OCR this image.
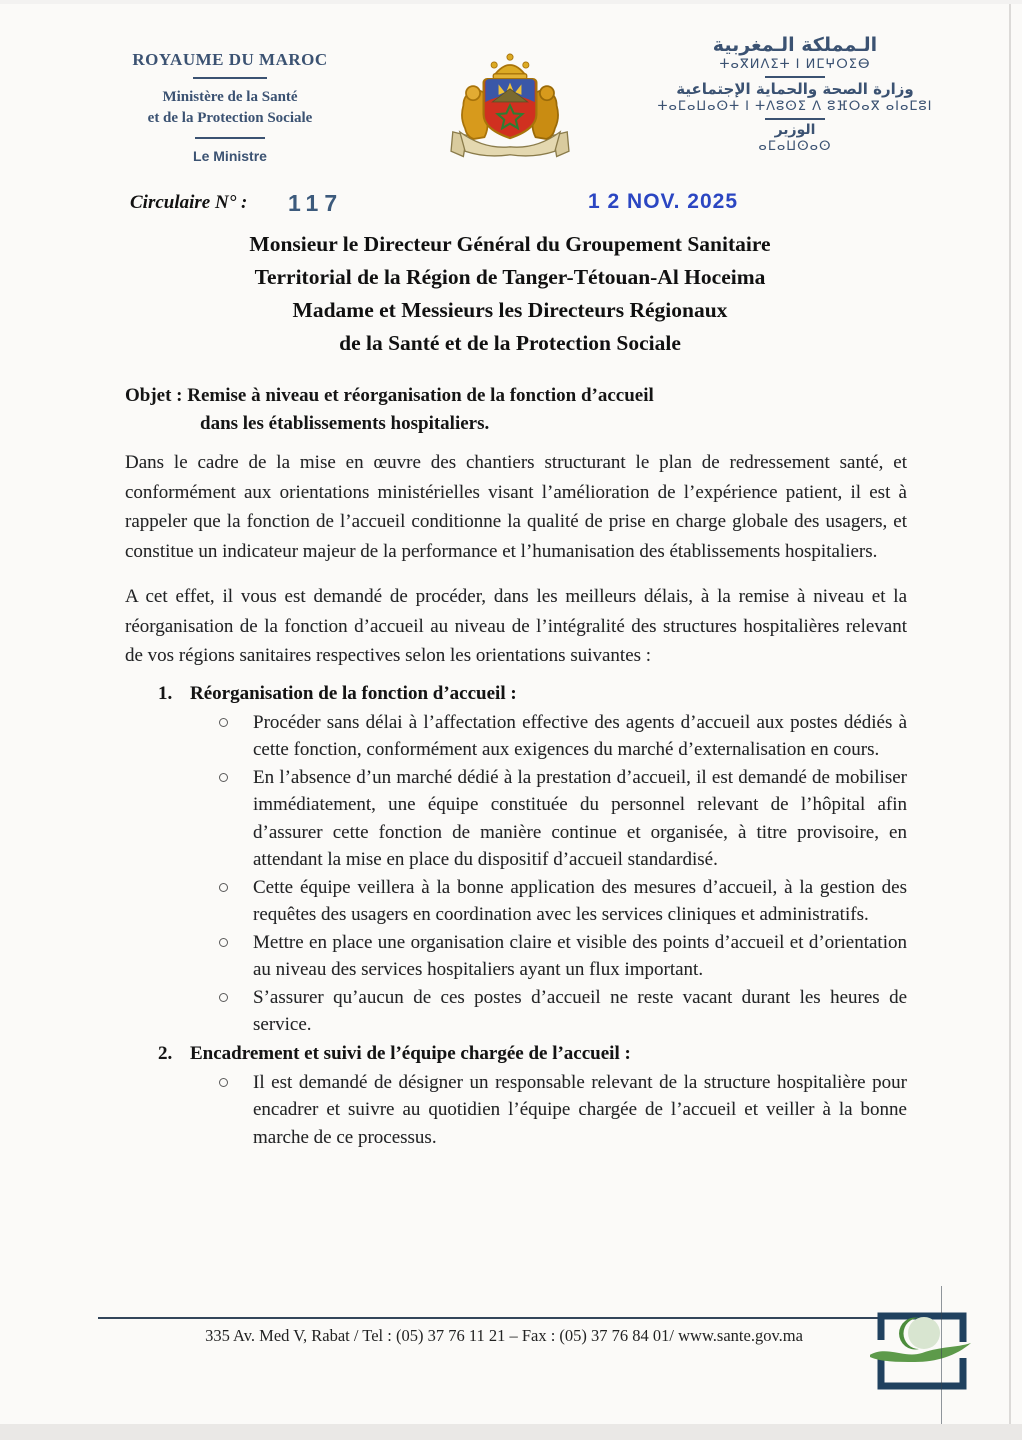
ROYAUME DU MAROC
Ministère de la Santé
et de la Protection Sociale
Le Ministre
الـمملكة الـمغربية
ⵜⴰⴳⵍⴷⵉⵜ ⵏ ⵍⵎⵖⵔⵉⴱ
وزارة الصحة والحماية الإجتماعية
ⵜⴰⵎⴰⵡⴰⵙⵜ ⵏ ⵜⴷⵓⵙⵉ ⴷ ⵓⴼⵔⴰⴳ ⴰⵏⴰⵎⵓⵏ
الوزير
ⴰⵎⴰⵡⵙⴰⵙ
Circulaire N° : 117	1 2 NOV. 2025
Monsieur le Directeur Général du Groupement Sanitaire
Territorial de la Région de Tanger-Tétouan-Al Hoceima
Madame et Messieurs les Directeurs Régionaux
de la Santé et de la Protection Sociale
Objet : Remise à niveau et réorganisation de la fonction d’accueil
dans les établissements hospitaliers.

Dans le cadre de la mise en œuvre des chantiers structurant le plan de redressement santé, et conformément aux orientations ministérielles visant l’amélioration de l’expérience patient, il est à rappeler que la fonction de l’accueil conditionne la qualité de prise en charge globale des usagers, et constitue un indicateur majeur de la performance et l’humanisation des établissements hospitaliers.

A cet effet, il vous est demandé de procéder, dans les meilleurs délais, à la remise à niveau et la réorganisation de la fonction d’accueil au niveau de l’intégralité des structures hospitalières relevant de vos régions sanitaires respectives selon les orientations suivantes :

1. Réorganisation de la fonction d’accueil :
Procéder sans délai à l’affectation effective des agents d’accueil aux postes dédiés à cette fonction, conformément aux exigences du marché d’externalisation en cours.
En l’absence d’un marché dédié à la prestation d’accueil, il est demandé de mobiliser immédiatement, une équipe constituée du personnel relevant de l’hôpital afin d’assurer cette fonction de manière continue et organisée, à titre provisoire, en attendant la mise en place du dispositif d’accueil standardisé.
Cette équipe veillera à la bonne application des mesures d’accueil, à la gestion des requêtes des usagers en coordination avec les services cliniques et administratifs.
Mettre en place une organisation claire et visible des points d’accueil et d’orientation au niveau des services hospitaliers ayant un flux important.
S’assurer qu’aucun de ces postes d’accueil ne reste vacant durant les heures de service.
2. Encadrement et suivi de l’équipe chargée de l’accueil :
Il est demandé de désigner un responsable relevant de la structure hospitalière pour encadrer et suivre au quotidien l’équipe chargée de l’accueil et veiller à la bonne marche de ce processus.
335 Av. Med V, Rabat / Tel : (05) 37 76 11 21 – Fax : (05) 37 76 84 01/ www.sante.gov.ma
